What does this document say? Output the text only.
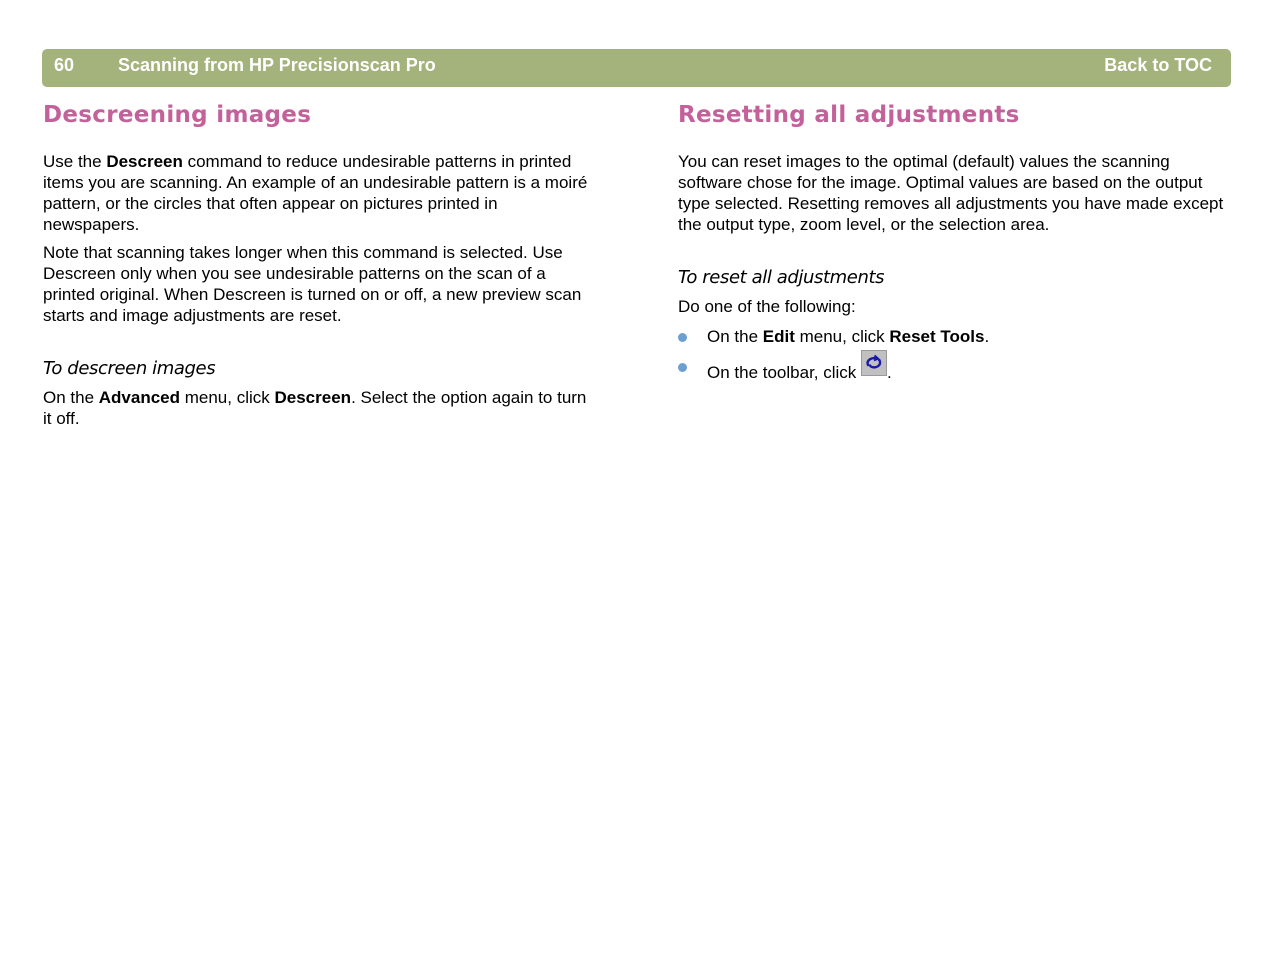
60 Scanning from HP Precisionscan Pro	Back to TOC
Descreening images

Use the Descreen command to reduce undesirable patterns in printed items you are scanning. An example of an undesirable pattern is a moiré pattern, or the circles that often appear on pictures printed in newspapers.

Note that scanning takes longer when this command is selected. Use Descreen only when you see undesirable patterns on the scan of a printed original. When Descreen is turned on or off, a new preview scan starts and image adjustments are reset.

To descreen images

On the Advanced menu, click Descreen. Select the option again to turn it off.

Resetting all adjustments

You can reset images to the optimal (default) values the scanning software chose for the image. Optimal values are based on the output type selected. Resetting removes all adjustments you have made except the output type, zoom level, or the selection area.

To reset all adjustments

Do one of the following:

On the Edit menu, click Reset Tools.
On the toolbar, click .
